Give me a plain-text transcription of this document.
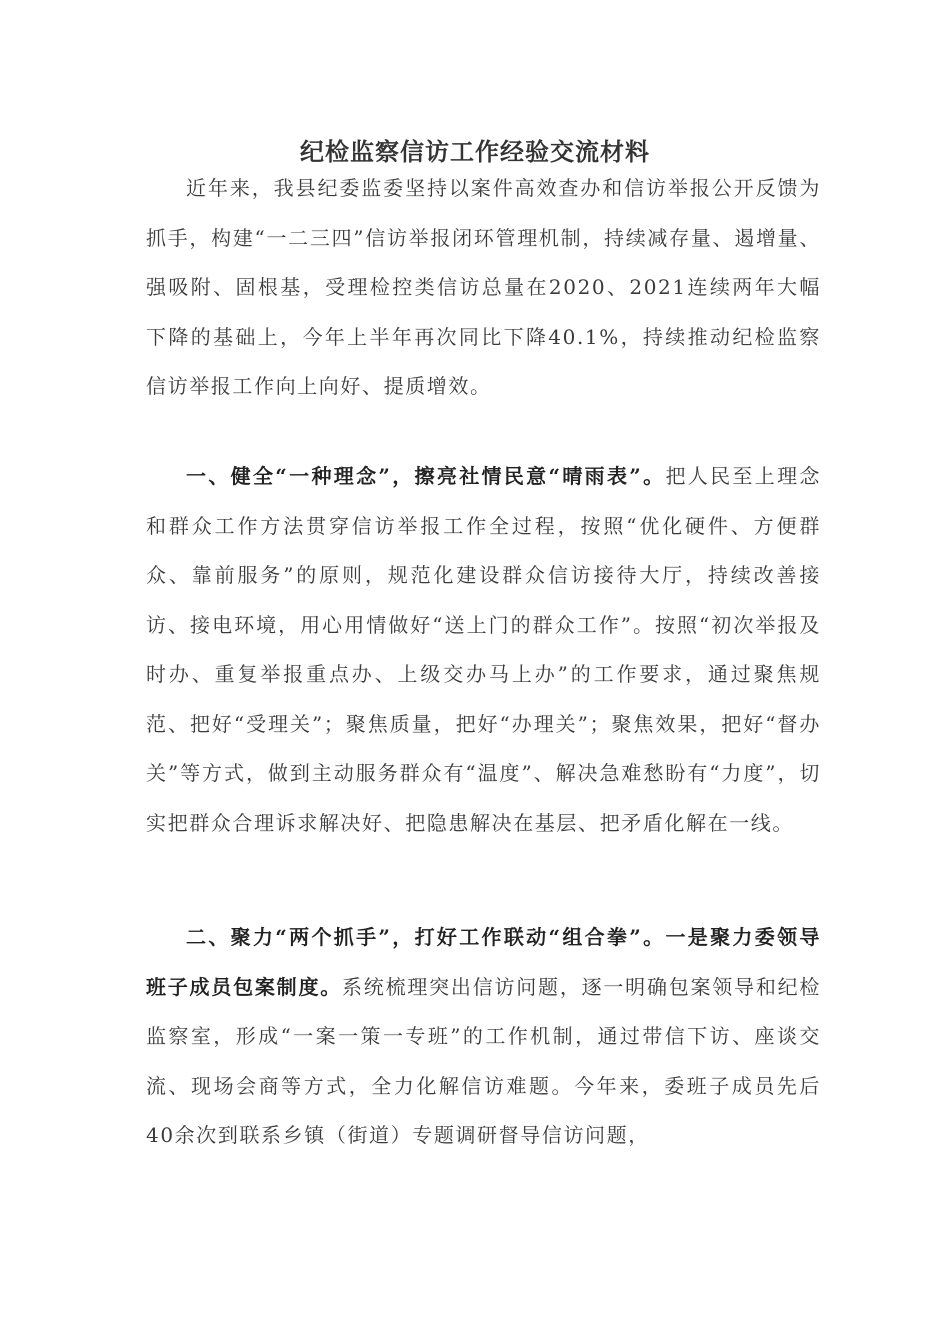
纪检监察信访工作经验交流材料

近年来，我县纪委监委坚持以案件高效查办和信访举报公开反馈为抓手，构建“一二三四”信访举报闭环管理机制，持续减存量、遏增量、强吸附、固根基，受理检控类信访总量在2020、2021连续两年大幅下降的基础上，今年上半年再次同比下降40.1%，持续推动纪检监察信访举报工作向上向好、提质增效。

一、健全“一种理念”，擦亮社情民意“晴雨表”。把人民至上理念和群众工作方法贯穿信访举报工作全过程，按照“优化硬件、方便群众、靠前服务”的原则，规范化建设群众信访接待大厅，持续改善接访、接电环境，用心用情做好“送上门的群众工作”。按照“初次举报及时办、重复举报重点办、上级交办马上办”的工作要求，通过聚焦规范、把好“受理关”；聚焦质量，把好“办理关”；聚焦效果，把好“督办关”等方式，做到主动服务群众有“温度”、解决急难愁盼有“力度”，切实把群众合理诉求解决好、把隐患解决在基层、把矛盾化解在一线。

二、聚力“两个抓手”，打好工作联动“组合拳”。一是聚力委领导班子成员包案制度。系统梳理突出信访问题，逐一明确包案领导和纪检监察室，形成“一案一策一专班”的工作机制，通过带信下访、座谈交流、现场会商等方式，全力化解信访难题。今年来，委班子成员先后40余次到联系乡镇（街道）专题调研督导信访问题，
